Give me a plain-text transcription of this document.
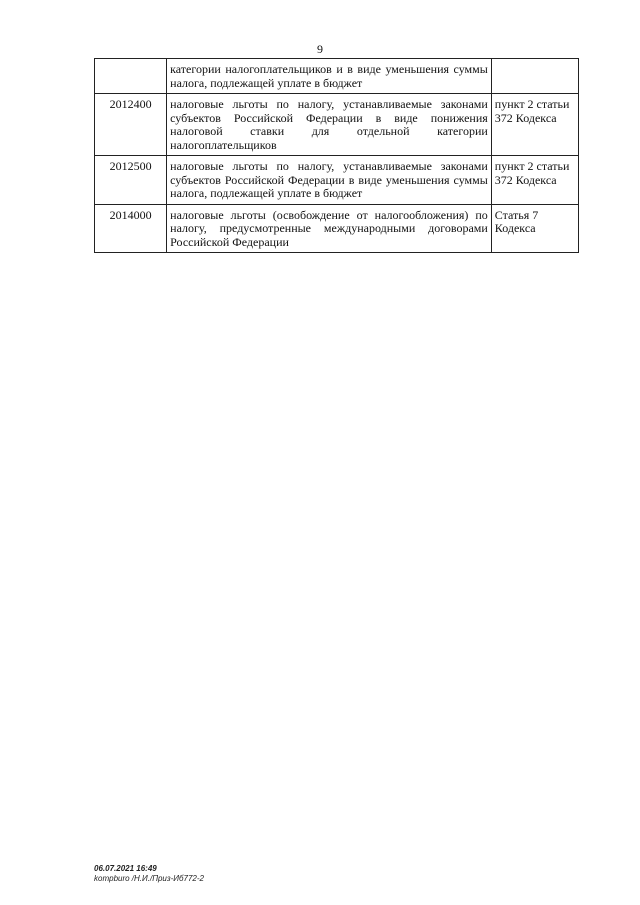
9
	категории налогоплательщиков и в виде уменьшения суммы налога, подлежащей уплате в бюджет	
2012400	налоговые льготы по налогу, устанавливаемые законами субъектов Российской Федерации в виде понижения налоговой ставки для отдельной категории налогоплательщиков	пункт 2 статьи 372 Кодекса
2012500	налоговые льготы по налогу, устанавливаемые законами субъектов Российской Федерации в виде уменьшения суммы налога, подлежащей уплате в бюджет	пункт 2 статьи 372 Кодекса
2014000	налоговые льготы (освобождение от налогообложения) по налогу, предусмотренные международными договорами Российской Федерации	Статья 7 Кодекса
06.07.2021 16:49
kompburo /Н.И./Приз-Иб772-2
